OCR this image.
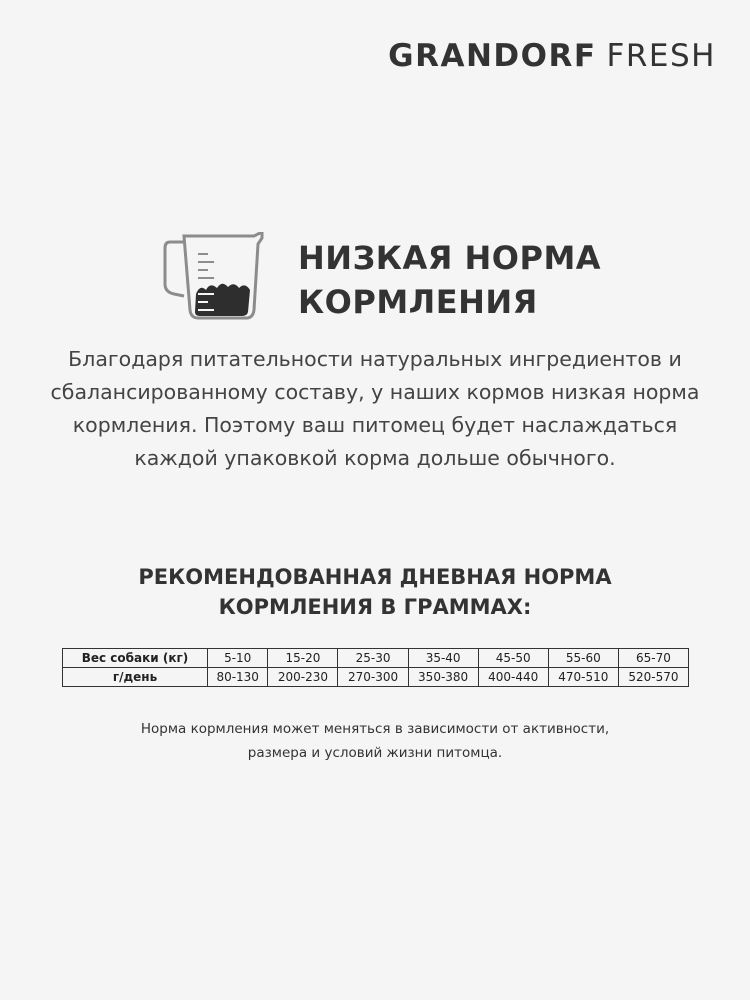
GRANDORF FRESH
НИЗКАЯ НОРМА
КОРМЛЕНИЯ
Благодаря питательности натуральных ингредиентов и
сбалансированному составу, у наших кормов низкая норма
кормления. Поэтому ваш питомец будет наслаждаться
каждой упаковкой корма дольше обычного.
РЕКОМЕНДОВАННАЯ ДНЕВНАЯ НОРМА
КОРМЛЕНИЯ В ГРАММАХ:
Вес собаки (кг)	5-10	15-20	25-30	35-40	45-50	55-60	65-70
г/день	80-130	200-230	270-300	350-380	400-440	470-510	520-570
Норма кормления может меняться в зависимости от активности,
размера и условий жизни питомца.
